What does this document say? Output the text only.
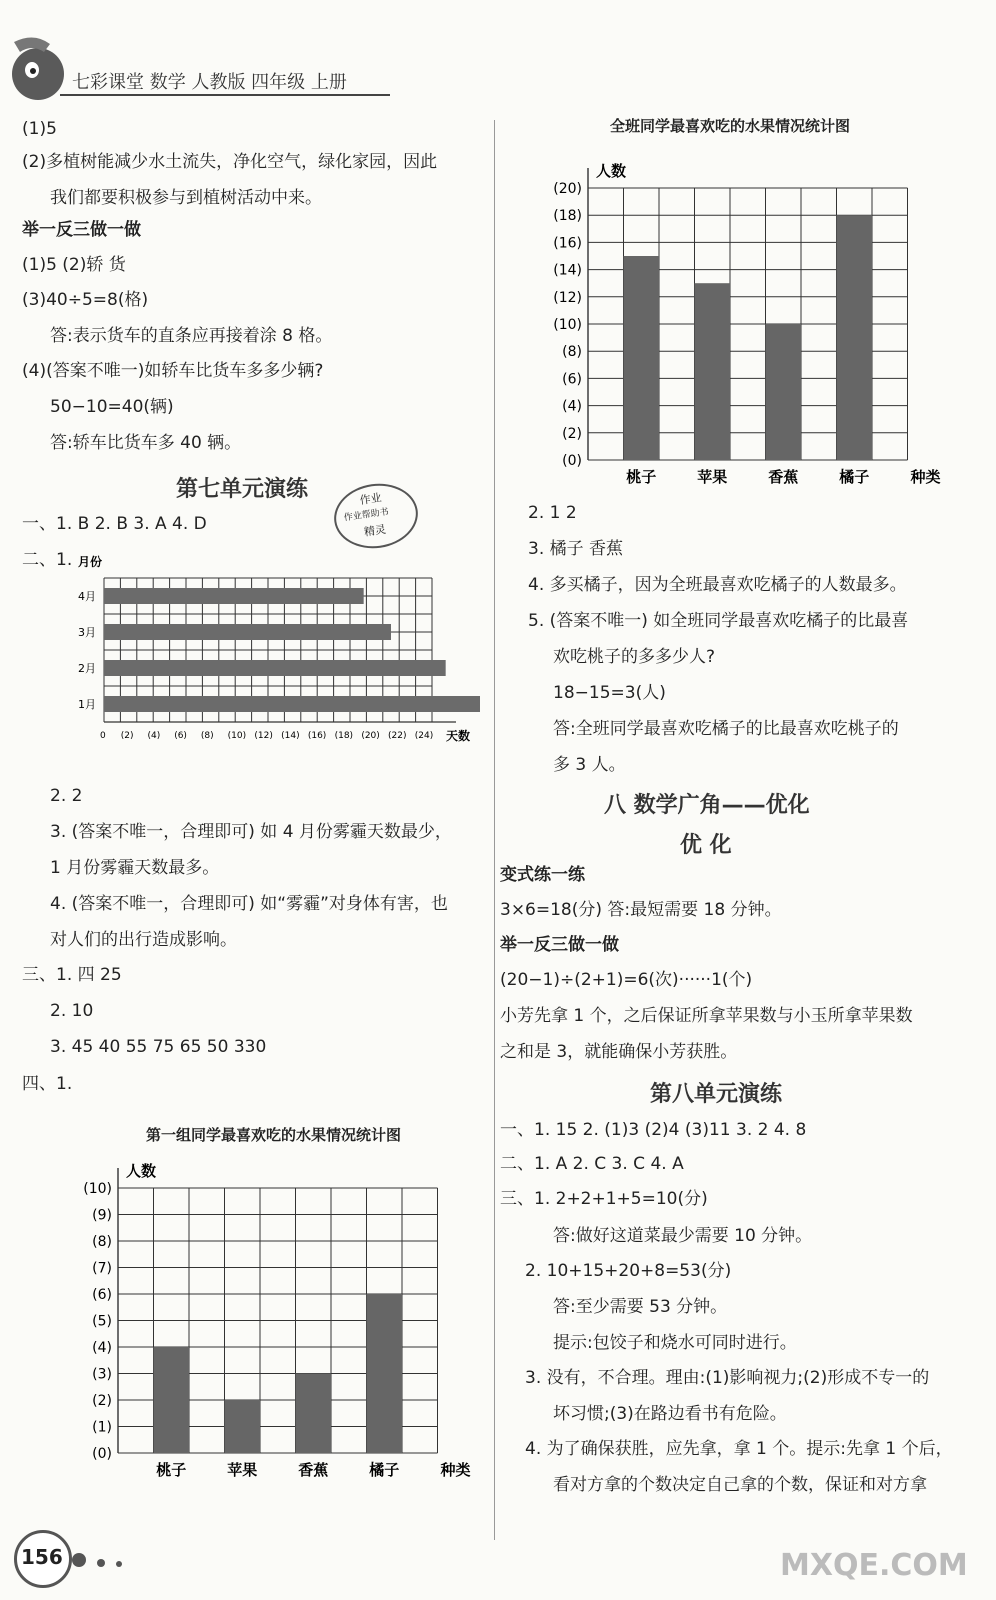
七彩课堂 数学 人教版 四年级 上册
(1)5
(2)多植树能减少水土流失，净化空气，绿化家园，因此
我们都要积极参与到植树活动中来。
举一反三做一做
(1)5 (2)轿 货
(3)40÷5=8(格)
答:表示货车的直条应再接着涂 8 格。
(4)(答案不唯一)如轿车比货车多多少辆?
50−10=40(辆)
答:轿车比货车多 40 辆。
第七单元演练	作业
作业帮助书
精灵
一、1. B 2. B 3. A 4. D
二、1. 月份
4月
3月
2月
1月
天数
0 (2) (4) (6) (8) (10) (12) (14) (16) (18) (20) (22) (24)
2. 2
3. (答案不唯一，合理即可) 如 4 月份雾霾天数最少，
1 月份雾霾天数最多。
4. (答案不唯一，合理即可) 如“雾霾”对身体有害，也
对人们的出行造成影响。
三、1. 四 25
2. 10
3. 45 40 55 75 65 50 330
四、1.
第一组同学最喜欢吃的水果情况统计图
人数
(0)
(1)
(2)
(3)
(4)
(5)
(6)
(7)
(8)
(9)
(10)
桃子	苹果	香蕉	橘子	种类
全班同学最喜欢吃的水果情况统计图
人数
(0)
(2)
(4)
(6)
(8)
(10)
(12)
(14)
(16)
(18)
(20)
桃子	苹果	香蕉	橘子	种类
2. 1 2
3. 橘子 香蕉
4. 多买橘子，因为全班最喜欢吃橘子的人数最多。
5. (答案不唯一) 如全班同学最喜欢吃橘子的比最喜
欢吃桃子的多多少人?
18−15=3(人)
答:全班同学最喜欢吃橘子的比最喜欢吃桃子的
多 3 人。
八 数学广角——优化
优 化
变式练一练
3×6=18(分) 答:最短需要 18 分钟。
举一反三做一做
(20−1)÷(2+1)=6(次)······1(个)
小芳先拿 1 个，之后保证所拿苹果数与小玉所拿苹果数
之和是 3，就能确保小芳获胜。
第八单元演练
一、1. 15 2. (1)3 (2)4 (3)11 3. 2 4. 8
二、1. A 2. C 3. C 4. A
三、1. 2+2+1+5=10(分)
答:做好这道菜最少需要 10 分钟。
2. 10+15+20+8=53(分)
答:至少需要 53 分钟。
提示:包饺子和烧水可同时进行。
3. 没有，不合理。理由:(1)影响视力;(2)形成不专一的
坏习惯;(3)在路边看书有危险。
4. 为了确保获胜，应先拿，拿 1 个。提示:先拿 1 个后，
看对方拿的个数决定自己拿的个数，保证和对方拿
156
	MXQE.COM
